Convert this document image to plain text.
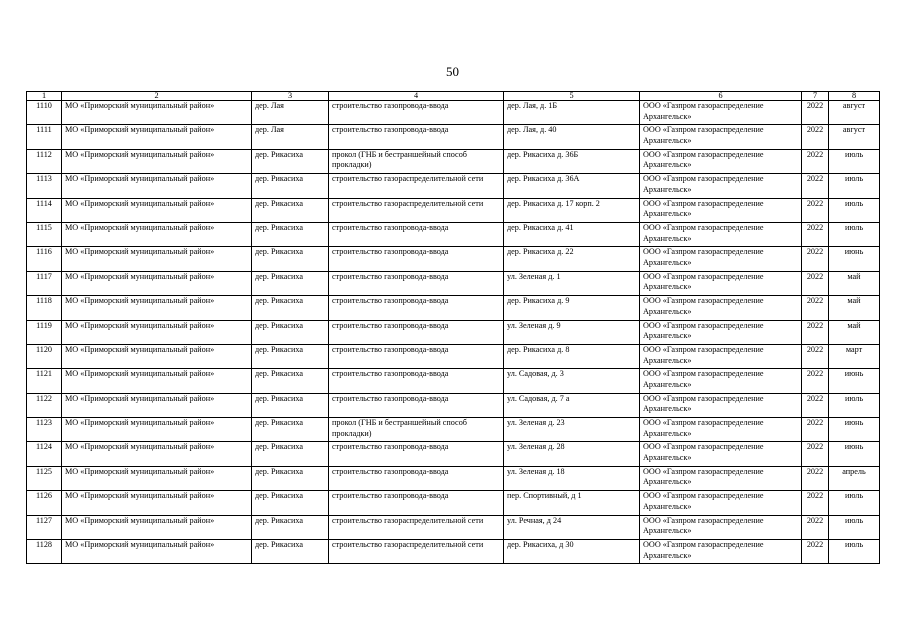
50
1	2	3	4	5	6	7	8
1110	МО «Приморский муниципальный район»	дер. Лая	строительство газопровода-ввода	дер. Лая, д. 1Б	ООО «Газпром газораспределение Архангельск»	2022	август
1111	МО «Приморский муниципальный район»	дер. Лая	строительство газопровода-ввода	дер. Лая, д. 40	ООО «Газпром газораспределение Архангельск»	2022	август
1112	МО «Приморский муниципальный район»	дер. Рикасиха	прокол (ГНБ и бестраншейный способ прокладки)	дер. Рикасиха д. 36Б	ООО «Газпром газораспределение Архангельск»	2022	июль
1113	МО «Приморский муниципальный район»	дер. Рикасиха	строительство газораспределительной сети	дер. Рикасиха д. 36А	ООО «Газпром газораспределение Архангельск»	2022	июль
1114	МО «Приморский муниципальный район»	дер. Рикасиха	строительство газораспределительной сети	дер. Рикасиха д. 17 корп. 2	ООО «Газпром газораспределение Архангельск»	2022	июль
1115	МО «Приморский муниципальный район»	дер. Рикасиха	строительство газопровода-ввода	дер. Рикасиха д. 41	ООО «Газпром газораспределение Архангельск»	2022	июль
1116	МО «Приморский муниципальный район»	дер. Рикасиха	строительство газопровода-ввода	дер. Рикасиха д. 22	ООО «Газпром газораспределение Архангельск»	2022	июнь
1117	МО «Приморский муниципальный район»	дер. Рикасиха	строительство газопровода-ввода	ул. Зеленая д. 1	ООО «Газпром газораспределение Архангельск»	2022	май
1118	МО «Приморский муниципальный район»	дер. Рикасиха	строительство газопровода-ввода	дер. Рикасиха д. 9	ООО «Газпром газораспределение Архангельск»	2022	май
1119	МО «Приморский муниципальный район»	дер. Рикасиха	строительство газопровода-ввода	ул. Зеленая д. 9	ООО «Газпром газораспределение Архангельск»	2022	май
1120	МО «Приморский муниципальный район»	дер. Рикасиха	строительство газопровода-ввода	дер. Рикасиха д. 8	ООО «Газпром газораспределение Архангельск»	2022	март
1121	МО «Приморский муниципальный район»	дер. Рикасиха	строительство газопровода-ввода	ул. Садовая, д. 3	ООО «Газпром газораспределение Архангельск»	2022	июнь
1122	МО «Приморский муниципальный район»	дер. Рикасиха	строительство газопровода-ввода	ул. Садовая, д. 7 а	ООО «Газпром газораспределение Архангельск»	2022	июль
1123	МО «Приморский муниципальный район»	дер. Рикасиха	прокол (ГНБ и бестраншейный способ прокладки)	ул. Зеленая д. 23	ООО «Газпром газораспределение Архангельск»	2022	июнь
1124	МО «Приморский муниципальный район»	дер. Рикасиха	строительство газопровода-ввода	ул. Зеленая д. 28	ООО «Газпром газораспределение Архангельск»	2022	июнь
1125	МО «Приморский муниципальный район»	дер. Рикасиха	строительство газопровода-ввода	ул. Зеленая д. 18	ООО «Газпром газораспределение Архангельск»	2022	апрель
1126	МО «Приморский муниципальный район»	дер. Рикасиха	строительство газопровода-ввода	пер. Спортивный, д 1	ООО «Газпром газораспределение Архангельск»	2022	июль
1127	МО «Приморский муниципальный район»	дер. Рикасиха	строительство газораспределительной сети	ул. Речная, д 24	ООО «Газпром газораспределение Архангельск»	2022	июль
1128	МО «Приморский муниципальный район»	дер. Рикасиха	строительство газораспределительной сети	дер. Рикасиха, д 30	ООО «Газпром газораспределение Архангельск»	2022	июль
